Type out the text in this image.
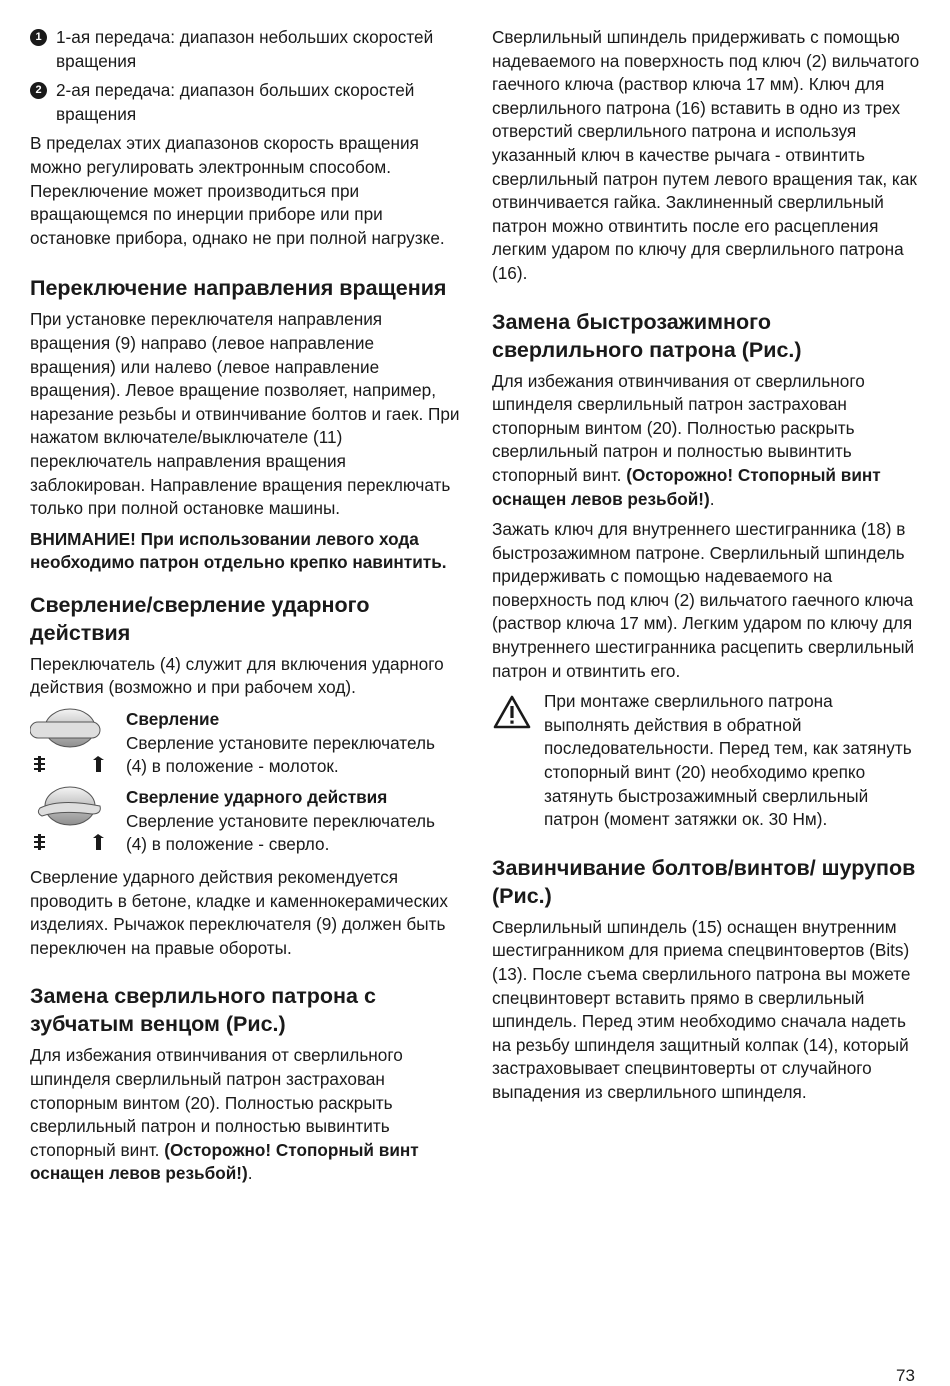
1 1-ая передача: диапазон небольших скоростей вращения

2 2-ая передача: диапазон больших скоростей вращения

В пределах этих диапазонов скорость вращения можно регулировать электронным способом. Переключение может производиться при вращающемся по инерции приборе или при остановке прибора, однако не при полной нагрузке.

Переключение направления вращения

При установке переключателя направления вращения (9) направо (левое направление вращения) или налево (левое направление вращения). Левое вращение позволяет, например, нарезание резьбы и отвинчивание болтов и гаек. При нажатом включателе/выключателе (11) переключатель направления вращения заблокирован. Направление вращения переключать только при полной остановке машины.

ВНИМАНИЕ! При использовании левого хода необходимо патрон отдельно крепко навинтить.

Сверление/сверление ударного действия

Переключатель (4) служит для включения ударного действия (возможно и при рабочем ход).

Сверление

Сверление установите переключатель (4) в положение - молоток.

Сверление ударного действия

Сверление установите переключатель (4) в положение - сверло.

Сверление ударного действия рекомендуется проводить в бетоне, кладке и каменнокерамических изделиях. Рычажок переключателя (9) должен быть переключен на правые обороты.

Замена сверлильного патрона с зубчатым венцом (Рис.)

Для избежания отвинчивания от сверлильного шпинделя сверлильный патрон застрахован стопорным винтом (20). Полностью раскрыть сверлильный патрон и полностью вывинтить стопорный винт. (Осторожно! Стопорный винт оснащен левов резьбой!).

Сверлильный шпиндель придерживать с помощью надеваемого на поверхность под ключ (2) вильчатого гаечного ключа (раствор ключа 17 мм). Ключ для сверлильного патрона (16) вставить в одно из трех отверстий сверлильного патрона и используя указанный ключ в качестве рычага - отвинтить сверлильный патрон путем левого вращения так, как отвинчивается гайка. Заклиненный сверлильный патрон можно отвинтить после его расцепления легким ударом по ключу для сверлильного патрона (16).

Замена быстрозажимного сверлильного патрона (Рис.)

Для избежания отвинчивания от сверлильного шпинделя сверлильный патрон застрахован стопорным винтом (20). Полностью раскрыть сверлильный патрон и полностью вывинтить стопорный винт. (Осторожно! Стопорный винт оснащен левов резьбой!).

Зажать ключ для внутреннего шестигранника (18) в быстрозажимном патроне. Сверлильный шпиндель придерживать с помощью надеваемого на поверхность под ключ (2) вильчатого гаечного ключа (раствор ключа 17 мм). Легким ударом по ключу для внутреннего шестигранника расцепить сверлильный патрон и отвинтить его.

При монтаже сверлильного патрона выполнять действия в обратной последовательности. Перед тем, как затянуть стопорный винт (20) необходимо крепко затянуть быстрозажимный сверлильный патрон (момент затяжки ок. 30 Нм).

Завинчивание болтов/винтов/ шурупов (Рис.)

Сверлильный шпиндель (15) оснащен внутренним шестигранником для приема спецвинтовертов (Bits) (13). После съема сверлильного патрона вы можете спецвинтоверт вставить прямо в сверлильный шпиндель. Перед этим необходимо сначала надеть на резьбу шпинделя защитный колпак (14), который застраховывает спецвинтоверты от случайного выпадения из сверлильного шпинделя.

73
